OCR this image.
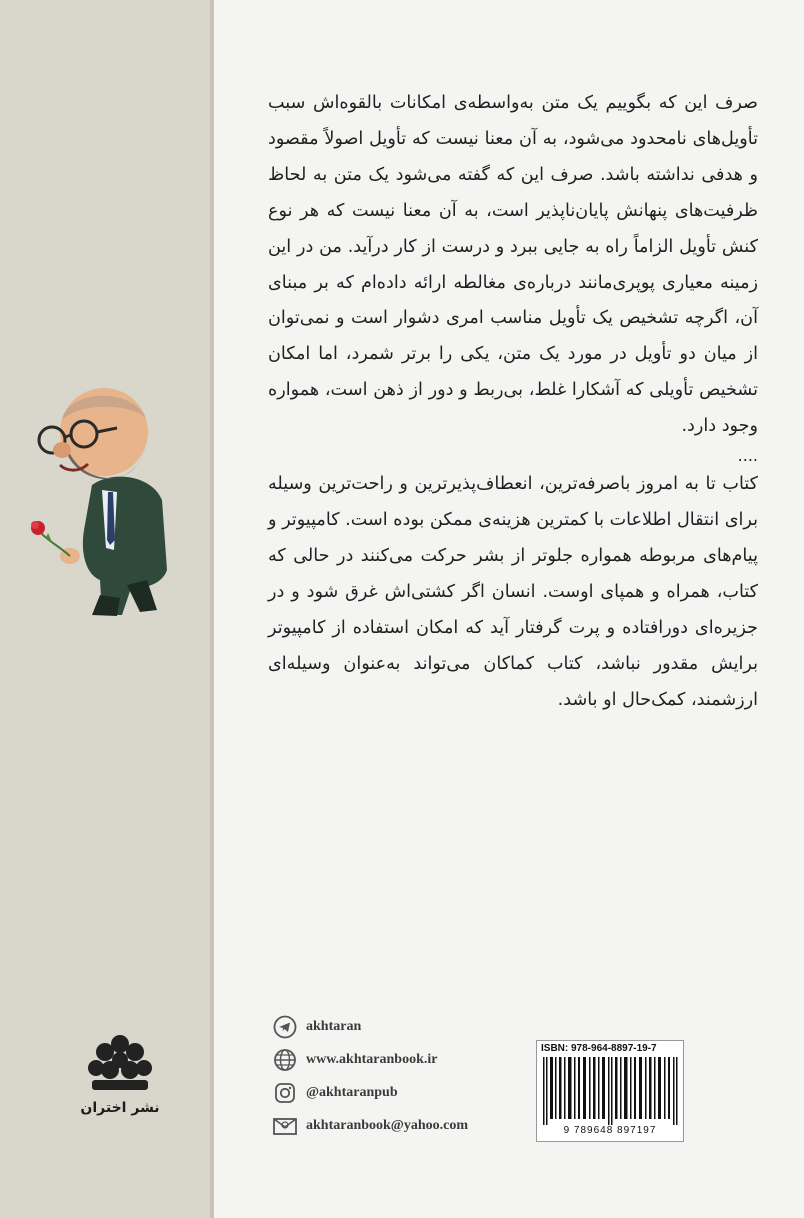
صرف این که بگوییم یک متن به‌واسطه‌ی امکانات بالقوه‌اش سبب تأویل‌های نامحدود می‌شود، به آن معنا نیست که تأویل اصولاً مقصود و هدفی نداشته باشد. صرف این که گفته می‌شود یک متن به لحاظ ظرفیت‌های پنهانش پایان‌ناپذیر است، به آن معنا نیست که هر نوع کنش تأویل الزاماً راه به جایی ببرد و درست از کار درآید. من در این زمینه معیاری پوپری‌مانند درباره‌ی مغالطه ارائه داده‌ام که بر مبنای آن، اگرچه تشخیص یک تأویل مناسب امری دشوار است و نمی‌توان از میان دو تأویل در مورد یک متن، یکی را برتر شمرد، اما امکان تشخیص تأویلی که آشکارا غلط، بی‌ربط و دور از ذهن است، همواره وجود دارد.

....

کتاب تا به امروز باصرفه‌ترین، انعطاف‌پذیرترین و راحت‌ترین وسیله برای انتقال اطلاعات با کمترین هزینه‌ی ممکن بوده است. کامپیوتر و پیام‌های مربوطه همواره جلوتر از بشر حرکت می‌کنند در حالی که کتاب، همراه و همپای اوست. انسان اگر کشتی‌اش غرق شود و در جزیره‌ای دورافتاده و پرت گرفتار آید که امکان استفاده از کامپیوتر برایش مقدور نباشد، کتاب کماکان می‌تواند به‌عنوان وسیله‌ای ارزشمند، کمک‌حال او باشد.

akhtaran
www.akhtaranbook.ir
@akhtaranpub
akhtaranbook@yahoo.com
ISBN: 978-964-8897-19-7
9 789648 897197
نشر اختران
